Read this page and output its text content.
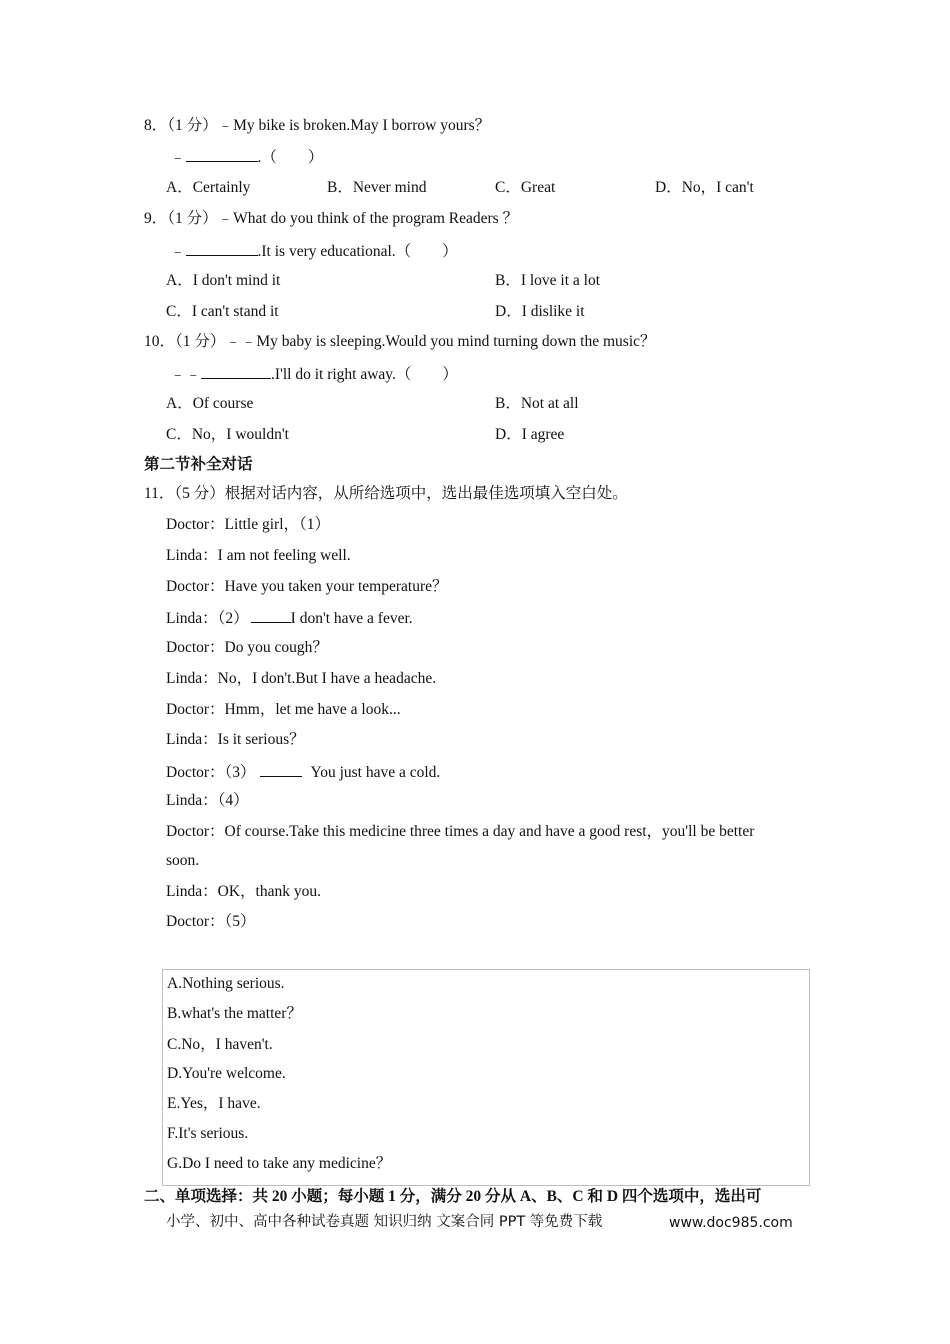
8．（1 分）﹣My bike is broken.May I borrow yours？
﹣	.（　　）
A．Certainly	B．Never mind	C．Great	D．No，I can't
9．（1 分）﹣What do you think of the program Readers ？
﹣	.It is very educational.（　　）
A．I don't mind it	B．I love it a lot
C．I can't stand it	D．I dislike it
10．（1 分）﹣﹣My baby is sleeping.Would you mind turning down the music？
﹣﹣	.I'll do it right away.（　　）
A．Of course	B．Not at all
C．No，I wouldn't	D．I agree
第二节补全对话
11．（5 分）根据对话内容，从所给选项中，选出最佳选项填入空白处。
Doctor：Little girl，（1）
Linda：I am not feeling well.
Doctor：Have you taken your temperature？
Linda：（2）	I don't have a fever.
Doctor：Do you cough？
Linda：No，I don't.But I have a headache.
Doctor：Hmm，let me have a look...
Linda：Is it serious？
Doctor：（3）	You just have a cold.
Linda：（4）
Doctor：Of course.Take this medicine three times a day and have a good rest，you'll be better
soon.
Linda：OK，thank you.
Doctor：（5）
A.Nothing serious.
B.what's the matter？
C.No，I haven't.
D.You're welcome.
E.Yes，I have.
F.It's serious.
G.Do I need to take any medicine？
二、单项选择：共 20 小题；每小题 1 分，满分 20 分从 A、B、C 和 D 四个选项中，选出可
小学、初中、高中各种试卷真题 知识归纳 文案合同 PPT 等免费下载	www.doc985.com
